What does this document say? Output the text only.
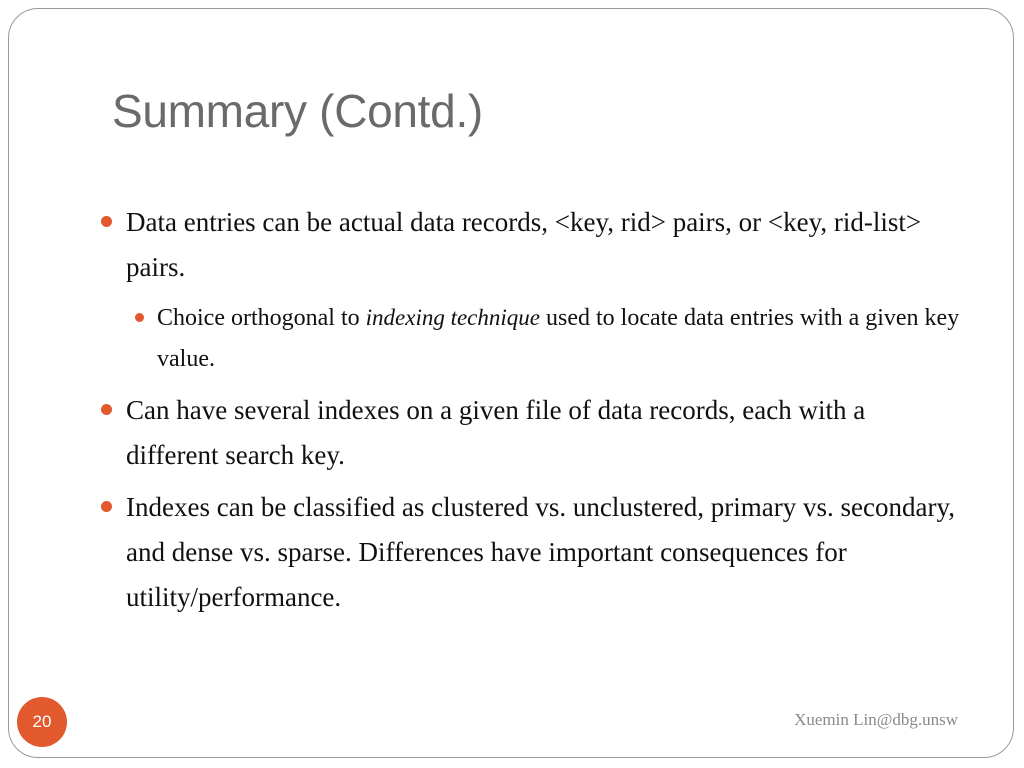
Summary (Contd.)
Data entries can be actual data records, <key, rid> pairs, or <key, rid-list> pairs.
Choice orthogonal to indexing technique used to locate data entries with a given key value.
Can have several indexes on a given file of data records, each with a different search key.
Indexes can be classified as clustered vs. unclustered, primary vs. secondary, and dense vs. sparse. Differences have important consequences for utility/performance.
20	Xuemin Lin@dbg.unsw
